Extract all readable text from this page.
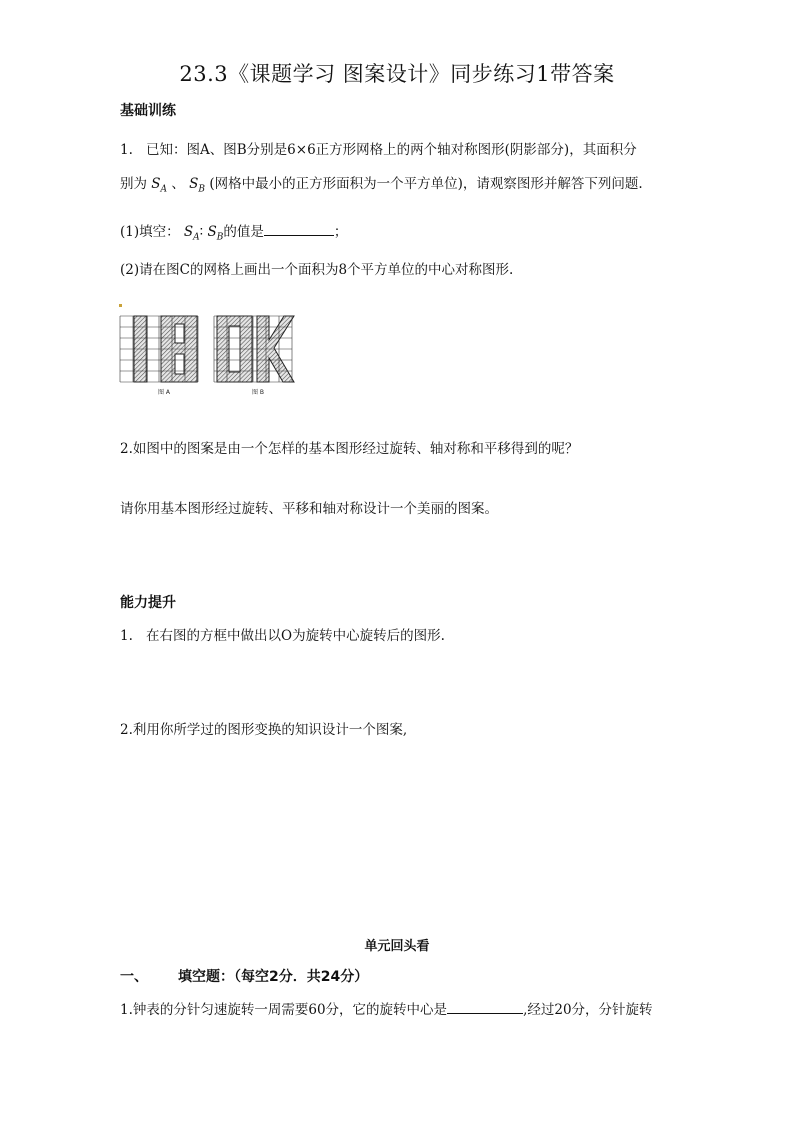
23.3《课题学习 图案设计》同步练习1带答案
基础训练
1. 已知：图A、图B分别是6×6正方形网格上的两个轴对称图形(阴影部分)，其面积分
别为 $S_A$ 、 $S_B$ (网格中最小的正方形面积为一个平方单位)，请观察图形并解答下列问题.
(1)填空： $S_A∶$ $S_B$的值是	；
(2)请在图C的网格上画出一个面积为8个平方单位的中心对称图形.
图 A	图 B
2.如图中的图案是由一个怎样的基本图形经过旋转、轴对称和平移得到的呢？
请你用基本图形经过旋转、平移和轴对称设计一个美丽的图案。
能力提升
1. 在右图的方框中做出以O为旋转中心旋转后的图形.
2.利用你所学过的图形变换的知识设计一个图案,
单元回头看
一、 填空题：（每空2分．共24分）
1.钟表的分针匀速旋转一周需要60分，它的旋转中心是	,经过20分，分针旋转
